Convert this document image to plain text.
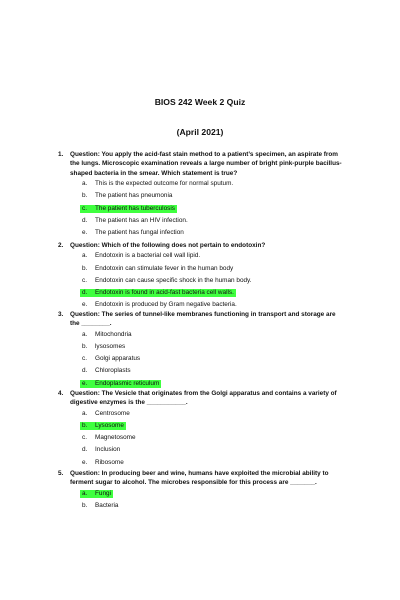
BIOS 242 Week 2 Quiz
(April 2021)
1. Question: You apply the acid-fast stain method to a patient’s specimen, an aspirate from the lungs. Microscopic examination reveals a large number of bright pink-purple bacillus-shaped bacteria in the smear. Which statement is true?
a. This is the expected outcome for normal sputum.
b. The patient has pneumonia
c. The patient has tuberculosis
d. The patient has an HIV infection.
e. The patient has fungal infection
2. Question: Which of the following does not pertain to endotoxin?
a. Endotoxin is a bacterial cell wall lipid.
b. Endotoxin can stimulate fever in the human body
c. Endotoxin can cause specific shock in the human body.
d. Endotoxin is found in acid-fast bacteria cell walls.
e. Endotoxin is produced by Gram negative bacteria.
3. Question: The series of tunnel-like membranes functioning in transport and storage are the ________.
a. Mitochondria
b. lysosomes
c. Golgi apparatus
d. Chloroplasts
e. Endoplasmic reticulum
4. Question: The Vesicle that originates from the Golgi apparatus and contains a variety of digestive enzymes is the ___________.
a. Centrosome
b. Lysosome
c. Magnetosome
d. Inclusion
e. Ribosome
5. Question: In producing beer and wine, humans have exploited the microbial ability to ferment sugar to alcohol. The microbes responsible for this process are _______.
a. Fungi
b. Bacteria
